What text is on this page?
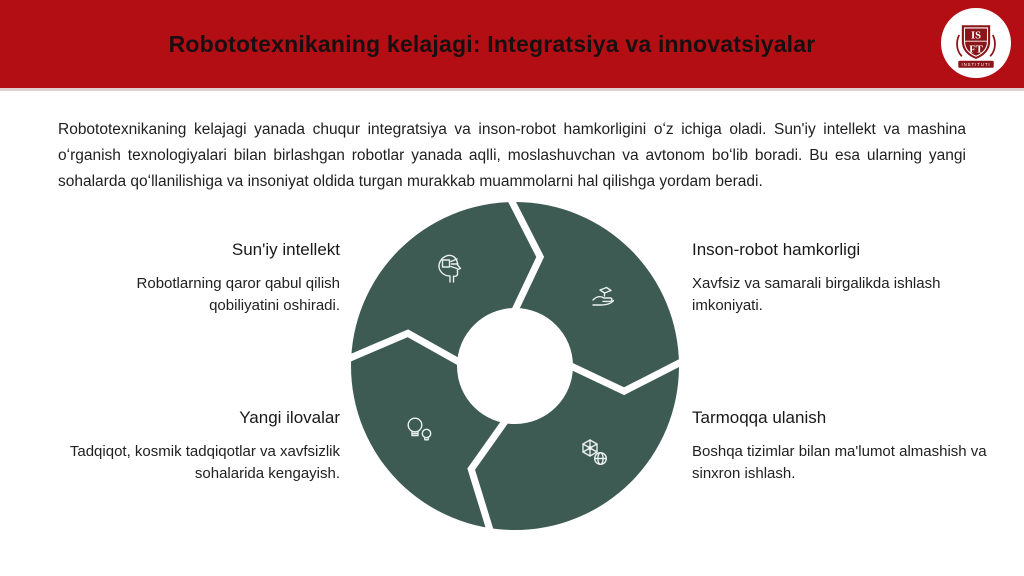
Robototexnikaning kelajagi: Integratsiya va innovatsiyalar	IS
FT
INSTITUTI

Robototexnikaning kelajagi yanada chuqur integratsiya va inson-robot hamkorligini oʻz ichiga oladi. Sun'iy intellekt va mashina oʻrganish texnologiyalari bilan birlashgan robotlar yanada aqlli, moslashuvchan va avtonom boʻlib boradi. Bu esa ularning yangi sohalarda qoʻllanilishiga va insoniyat oldida turgan murakkab muammolarni hal qilishga yordam beradi.

Sun'iy intellekt

Robotlarning qaror qabul qilish qobiliyatini oshiradi.

Inson-robot hamkorligi

Xavfsiz va samarali birgalikda ishlash imkoniyati.

Yangi ilovalar

Tadqiqot, kosmik tadqiqotlar va xavfsizlik sohalarida kengayish.

Tarmoqqa ulanish

Boshqa tizimlar bilan ma'lumot almashish va sinxron ishlash.
